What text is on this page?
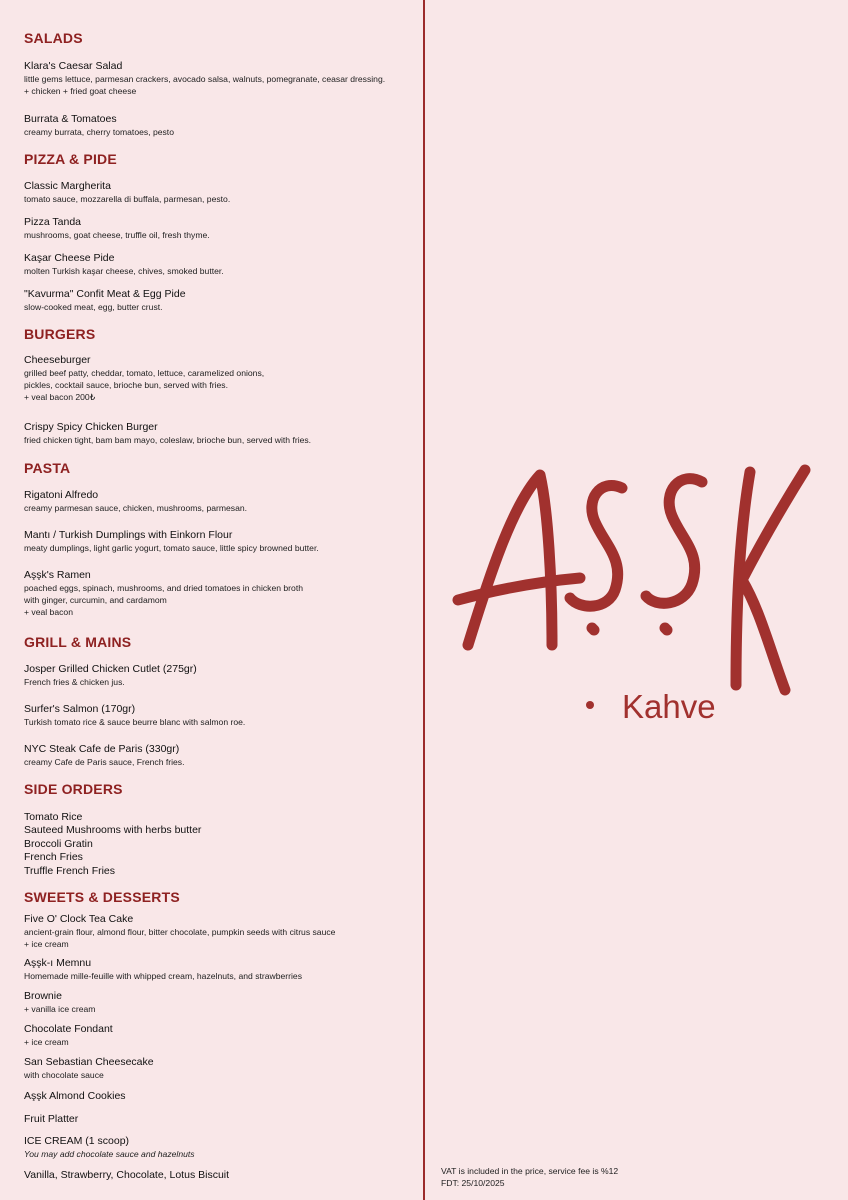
SALADS
Klara's Caesar Salad
little gems lettuce, parmesan crackers, avocado salsa, walnuts, pomegranate, ceasar dressing.
+ chicken + fried goat cheese
Burrata & Tomatoes
creamy burrata, cherry tomatoes, pesto
PIZZA & PIDE
Classic Margherita
tomato sauce, mozzarella di buffala, parmesan, pesto.
Pizza Tanda
mushrooms, goat cheese, truffle oil, fresh thyme.
Kaşar Cheese Pide
molten Turkish kaşar cheese, chives, smoked butter.
"Kavurma" Confit Meat & Egg Pide
slow-cooked meat, egg, butter crust.
BURGERS
Cheeseburger
grilled beef patty, cheddar, tomato, lettuce, caramelized onions,
pickles, cocktail sauce, brioche bun, served with fries.
+ veal bacon 200₺
Crispy Spicy Chicken Burger
fried chicken tight, bam bam mayo, coleslaw, brioche bun, served with fries.
PASTA
Rigatoni Alfredo
creamy parmesan sauce, chicken, mushrooms, parmesan.
Mantı / Turkish Dumplings with Einkorn Flour
meaty dumplings, light garlic yogurt, tomato sauce, little spicy browned butter.
Aşşk's Ramen
poached eggs, spinach, mushrooms, and dried tomatoes in chicken broth
with ginger, curcumin, and cardamom
+ veal bacon
GRILL & MAINS
Josper Grilled Chicken Cutlet (275gr)
French fries & chicken jus.
Surfer's Salmon (170gr)
Turkish tomato rice & sauce beurre blanc with salmon roe.
NYC Steak Cafe de Paris (330gr)
creamy Cafe de Paris sauce, French fries.
SIDE ORDERS
Tomato Rice
Sauteed Mushrooms with herbs butter
Broccoli Gratin
French Fries
Truffle French Fries
SWEETS & DESSERTS
Five O' Clock Tea Cake
ancient-grain flour, almond flour, bitter chocolate, pumpkin seeds with citrus sauce
+ ice cream
Aşşk-ı Memnu
Homemade mille-feuille with whipped cream, hazelnuts, and strawberries
Brownie
+ vanilla ice cream
Chocolate Fondant
+ ice cream
San Sebastian Cheesecake
with chocolate sauce
Aşşk Almond Cookies
Fruit Platter
ICE CREAM (1 scoop)
You may add chocolate sauce and hazelnuts
Vanilla, Strawberry, Chocolate, Lotus Biscuit
Kahve
VAT is included in the price, service fee is %12
FDT: 25/10/2025
